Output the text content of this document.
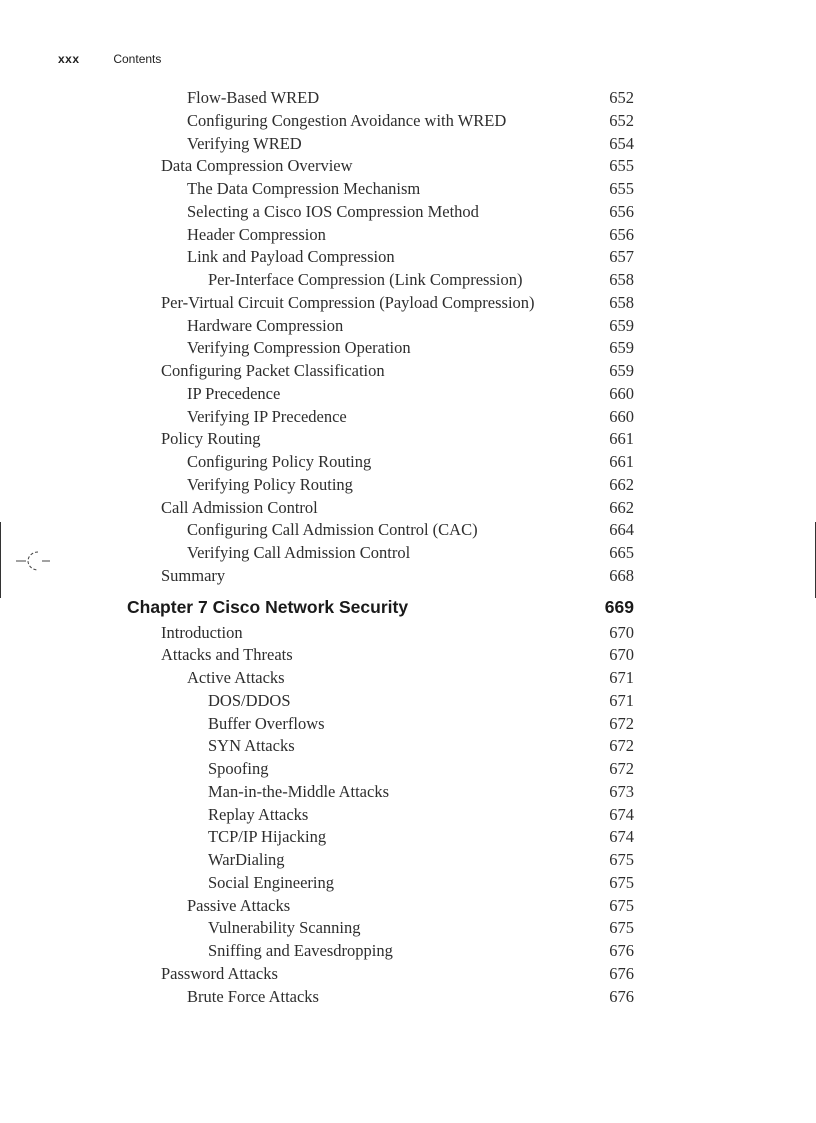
xxx	Contents
Flow-Based WRED	652
Configuring Congestion Avoidance with WRED	652
Verifying WRED	654
Data Compression Overview	655
The Data Compression Mechanism	655
Selecting a Cisco IOS Compression Method	656
Header Compression	656
Link and Payload Compression	657
Per-Interface Compression (Link Compression)	658
Per-Virtual Circuit Compression (Payload Compression)	658
Hardware Compression	659
Verifying Compression Operation	659
Configuring Packet Classification	659
IP Precedence	660
Verifying IP Precedence	660
Policy Routing	661
Configuring Policy Routing	661
Verifying Policy Routing	662
Call Admission Control	662
Configuring Call Admission Control (CAC)	664
Verifying Call Admission Control	665
Summary	668
Chapter 7 Cisco Network Security	669
Introduction	670
Attacks and Threats	670
Active Attacks	671
DOS/DDOS	671
Buffer Overflows	672
SYN Attacks	672
Spoofing	672
Man-in-the-Middle Attacks	673
Replay Attacks	674
TCP/IP Hijacking	674
WarDialing	675
Social Engineering	675
Passive Attacks	675
Vulnerability Scanning	675
Sniffing and Eavesdropping	676
Password Attacks	676
Brute Force Attacks	676
